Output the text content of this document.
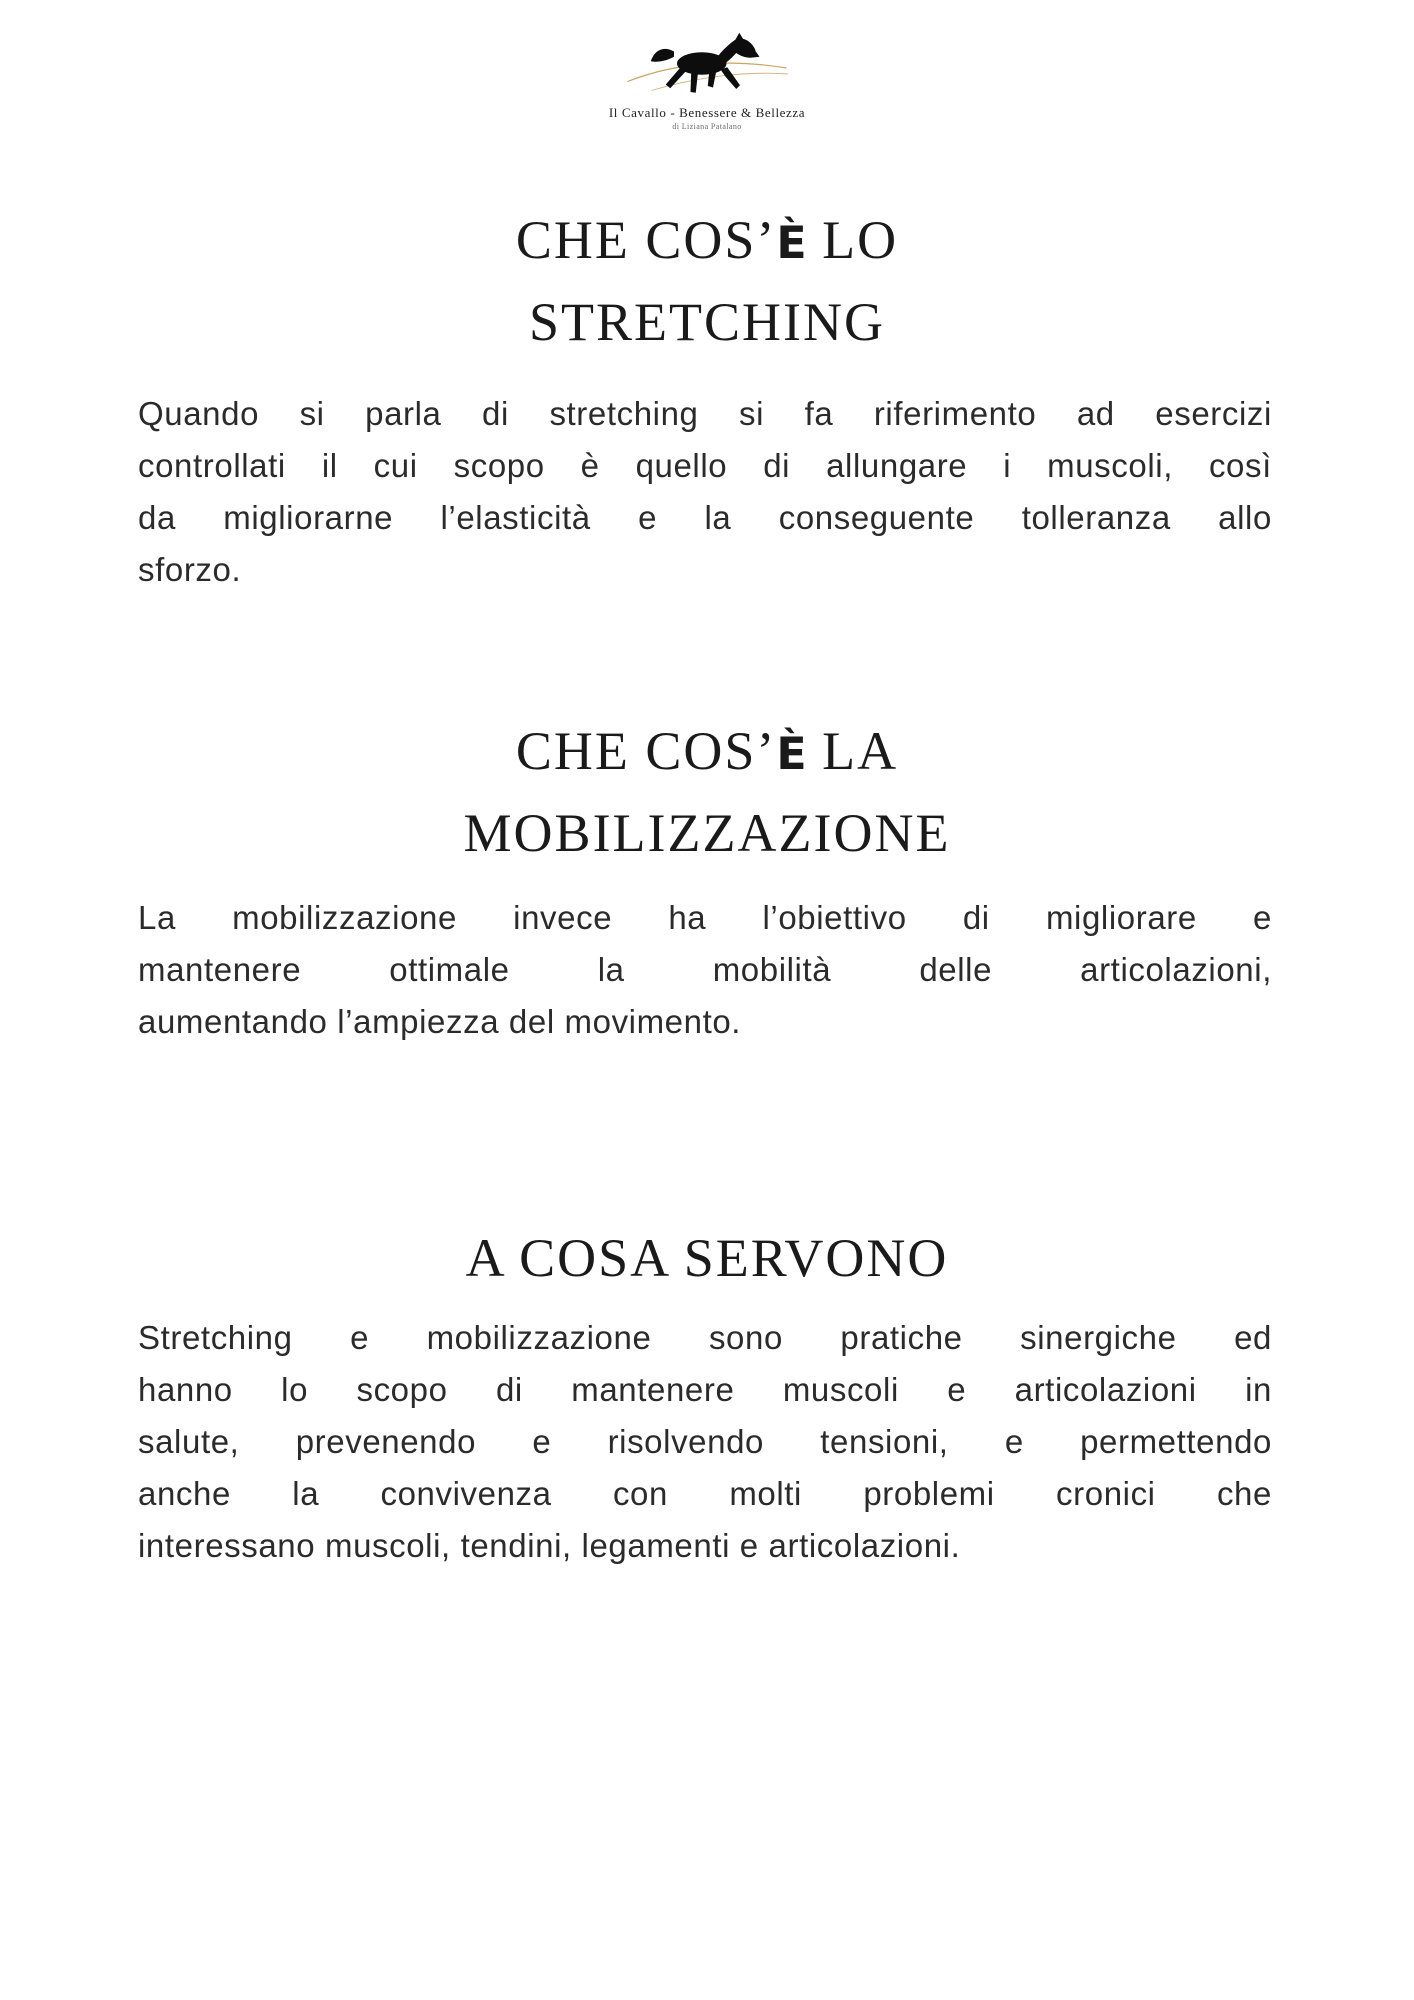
Il Cavallo - Benessere & Bellezza
di Liziana Patalano
CHE COS’È LO
STRETCHING
Quando si parla di stretching si fa riferimento ad esercizi
controllati il cui scopo è quello di allungare i muscoli, così
da migliorarne l’elasticità e la conseguente tolleranza allo
sforzo.
CHE COS’È LA
MOBILIZZAZIONE
La mobilizzazione invece ha l’obiettivo di migliorare e
mantenere	ottimale	la	mobilità	delle	articolazioni,
aumentando l’ampiezza del movimento.
A COSA SERVONO
Stretching e mobilizzazione sono pratiche sinergiche ed
hanno lo scopo di mantenere muscoli e articolazioni in
salute, prevenendo e risolvendo tensioni, e permettendo
anche la convivenza con molti problemi cronici che
interessano muscoli, tendini, legamenti e articolazioni.
